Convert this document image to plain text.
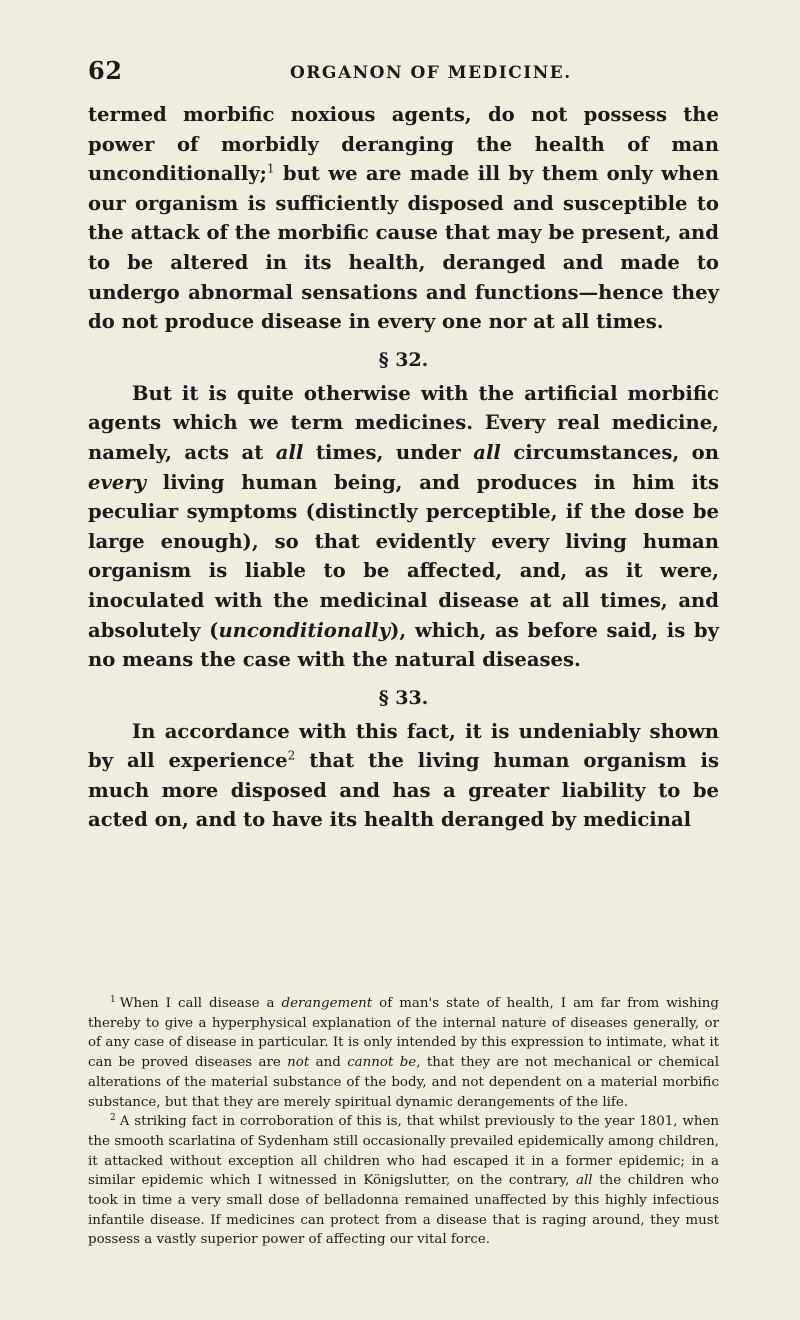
62	ORGANON OF MEDICINE.

termed morbific noxious agents, do not possess the power of morbidly deranging the health of man unconditionally;$^1$ but we are made ill by them only when our organism is sufficiently disposed and susceptible to the attack of the morbific cause that may be present, and to be altered in its health, deranged and made to undergo abnormal sensations and functions—hence they do not produce disease in every one nor at all times.

§ 32.

But it is quite otherwise with the artificial morbific agents which we term medicines. Every real medicine, namely, acts at all times, under all circumstances, on every living human being, and produces in him its peculiar symptoms (distinctly perceptible, if the dose be large enough), so that evidently every living human organism is liable to be affected, and, as it were, inoculated with the medicinal disease at all times, and absolutely (unconditionally), which, as before said, is by no means the case with the natural diseases.

§ 33.

In accordance with this fact, it is undeniably shown by all experience$^2$ that the living human organism is much more disposed and has a greater liability to be acted on, and to have its health deranged by medicinal

$^1$ When I call disease a derangement of man's state of health, I am far from wishing thereby to give a hyperphysical explanation of the internal nature of diseases generally, or of any case of disease in particular. It is only intended by this expression to intimate, what it can be proved diseases are not and cannot be, that they are not mechanical or chemical alterations of the material substance of the body, and not dependent on a material morbific substance, but that they are merely spiritual dynamic derangements of the life.

$^2$ A striking fact in corroboration of this is, that whilst previously to the year 1801, when the smooth scarlatina of Sydenham still occasionally prevailed epidemically among children, it attacked without exception all children who had escaped it in a former epidemic; in a similar epidemic which I witnessed in Königslutter, on the contrary, all the children who took in time a very small dose of belladonna remained unaffected by this highly infectious infantile disease. If medicines can protect from a disease that is raging around, they must possess a vastly superior power of affecting our vital force.
